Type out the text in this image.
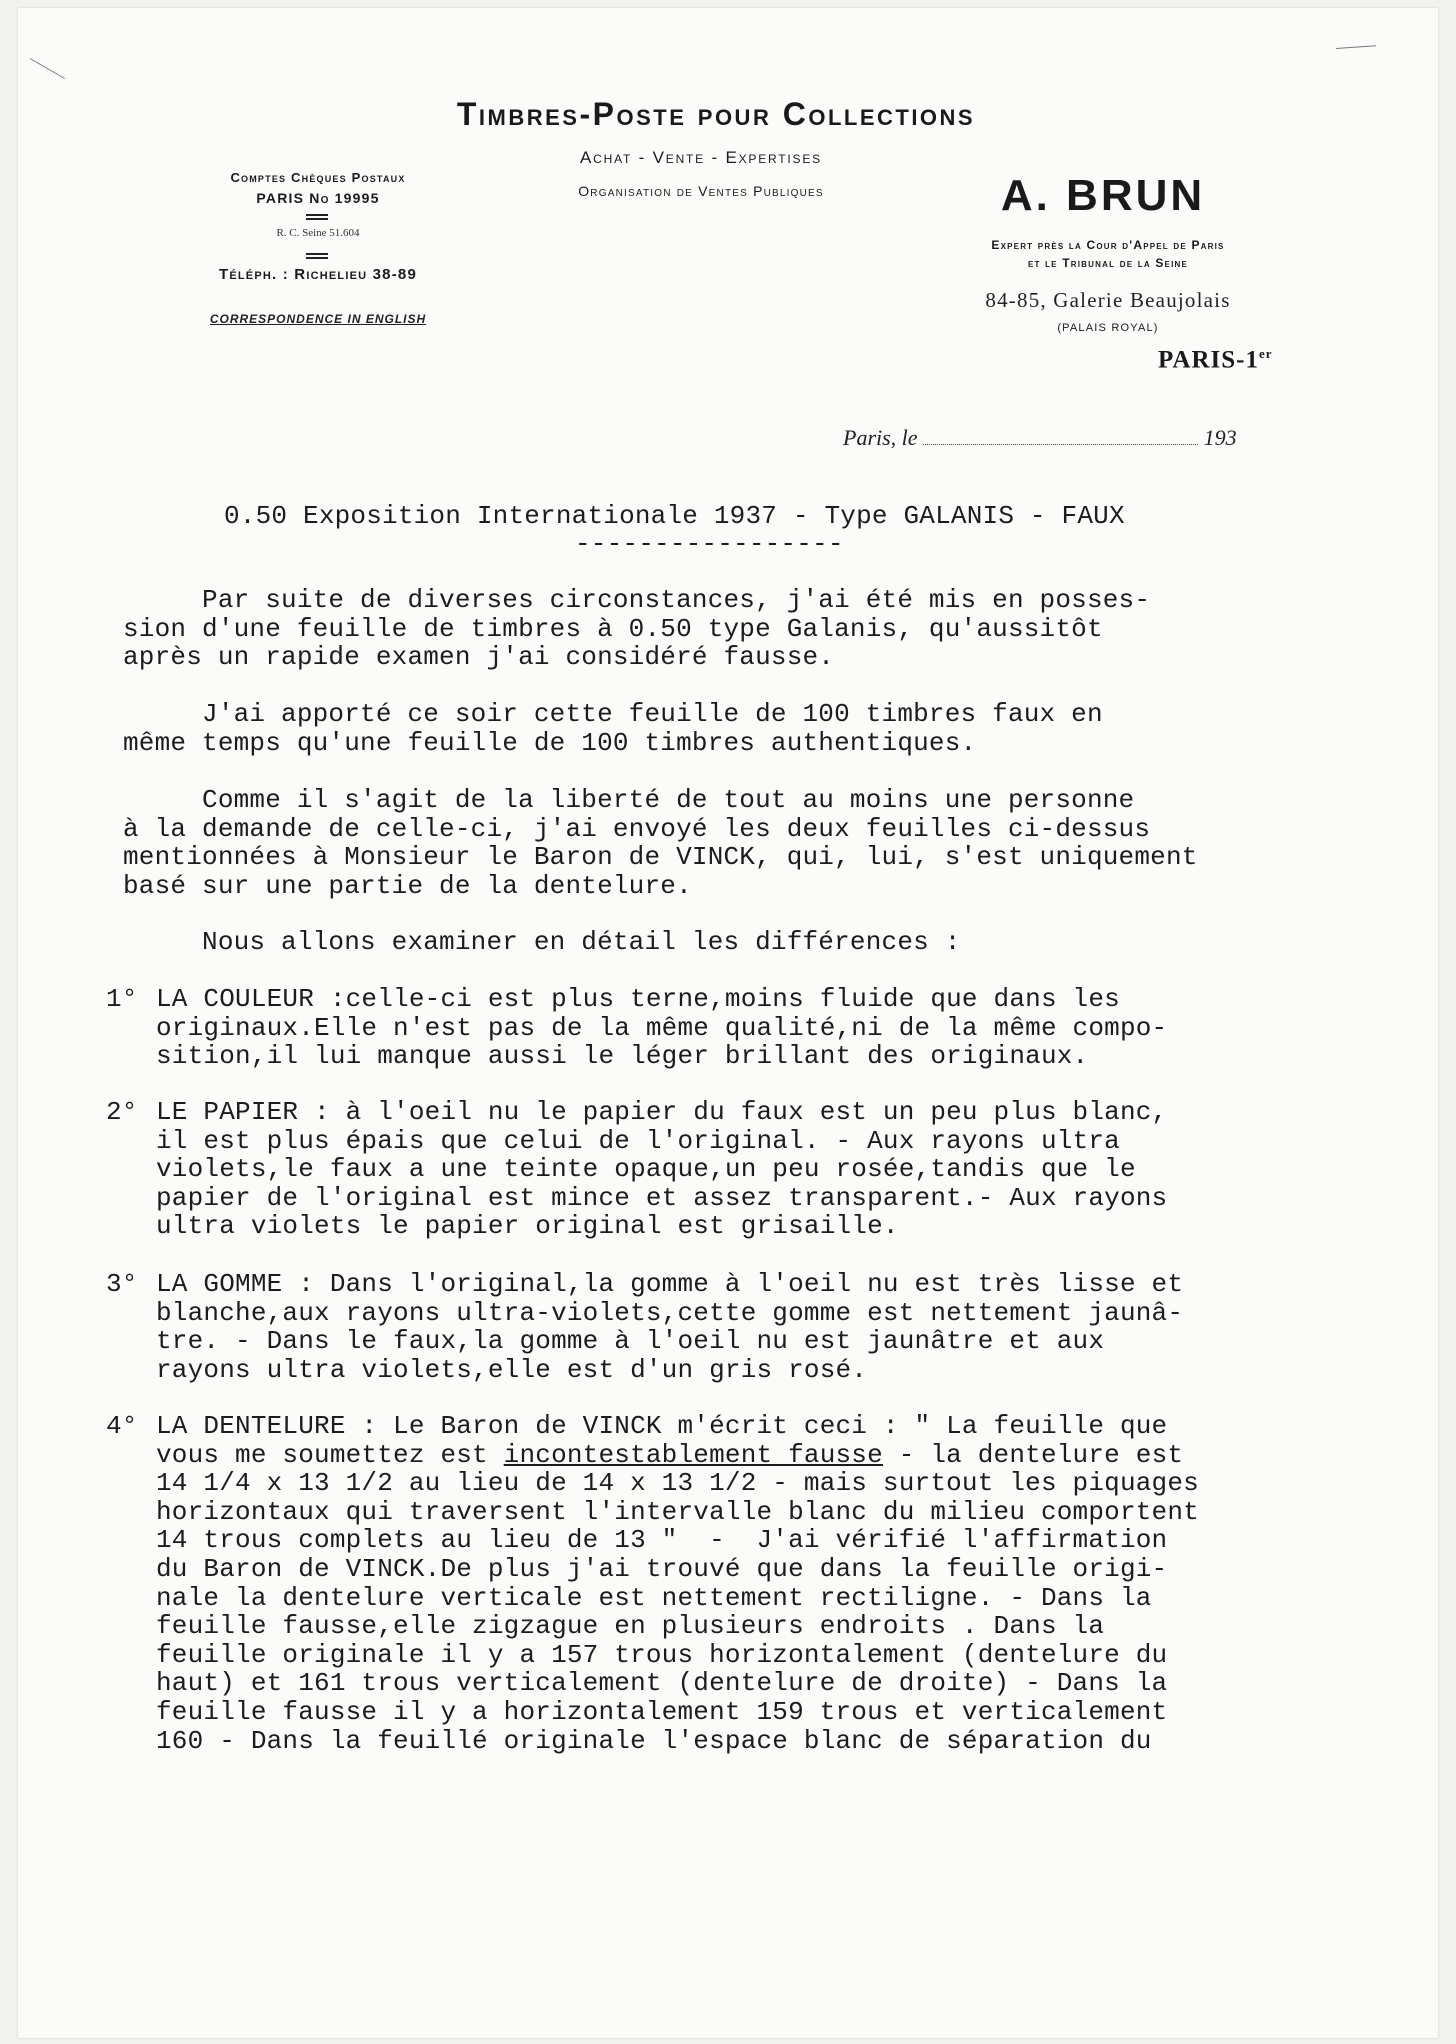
Timbres-Poste pour Collections
Comptes Chèques Postaux
PARIS No 19995
R. C. Seine 51.604
Téléph. : Richelieu 38-89
CORRESPONDENCE IN ENGLISH
Achat - Vente - Expertises
Organisation de Ventes Publiques	A. BRUN
Expert près la Cour d'Appel de Paris
et le Tribunal de la Seine
84-85, Galerie Beaujolais
(PALAIS ROYAL)
PARIS-1er
Paris, le	193
0.50 Exposition Internationale 1937 - Type GALANIS - FAUX
-----------------
Par suite de diverses circonstances, j'ai été mis en posses-
sion d'une feuille de timbres à 0.50 type Galanis, qu'aussitôt
après un rapide examen j'ai considéré fausse.
J'ai apporté ce soir cette feuille de 100 timbres faux en
même temps qu'une feuille de 100 timbres authentiques.
Comme il s'agit de la liberté de tout au moins une personne
à la demande de celle-ci, j'ai envoyé les deux feuilles ci-dessus
mentionnées à Monsieur le Baron de VINCK, qui, lui, s'est uniquement
basé sur une partie de la dentelure.
Nous allons examiner en détail les différences :
1° LA COULEUR :celle-ci est plus terne,moins fluide que dans les
originaux.Elle n'est pas de la même qualité,ni de la même compo-
sition,il lui manque aussi le léger brillant des originaux.
2° LE PAPIER : à l'oeil nu le papier du faux est un peu plus blanc,
il est plus épais que celui de l'original. - Aux rayons ultra
violets,le faux a une teinte opaque,un peu rosée,tandis que le
papier de l'original est mince et assez transparent.- Aux rayons
ultra violets le papier original est grisaille.
3° LA GOMME : Dans l'original,la gomme à l'oeil nu est très lisse et
blanche,aux rayons ultra-violets,cette gomme est nettement jaunâ-
tre. - Dans le faux,la gomme à l'oeil nu est jaunâtre et aux
rayons ultra violets,elle est d'un gris rosé.
4° LA DENTELURE : Le Baron de VINCK m'écrit ceci : " La feuille que
vous me soumettez est incontestablement fausse - la dentelure est
14 1/4 x 13 1/2 au lieu de 14 x 13 1/2 - mais surtout les piquages
horizontaux qui traversent l'intervalle blanc du milieu comportent
14 trous complets au lieu de 13 "  -  J'ai vérifié l'affirmation
du Baron de VINCK.De plus j'ai trouvé que dans la feuille origi-
nale la dentelure verticale est nettement rectiligne. - Dans la
feuille fausse,elle zigzague en plusieurs endroits . Dans la
feuille originale il y a 157 trous horizontalement (dentelure du
haut) et 161 trous verticalement (dentelure de droite) - Dans la
feuille fausse il y a horizontalement 159 trous et verticalement
160 - Dans la feuillé originale l'espace blanc de séparation du
